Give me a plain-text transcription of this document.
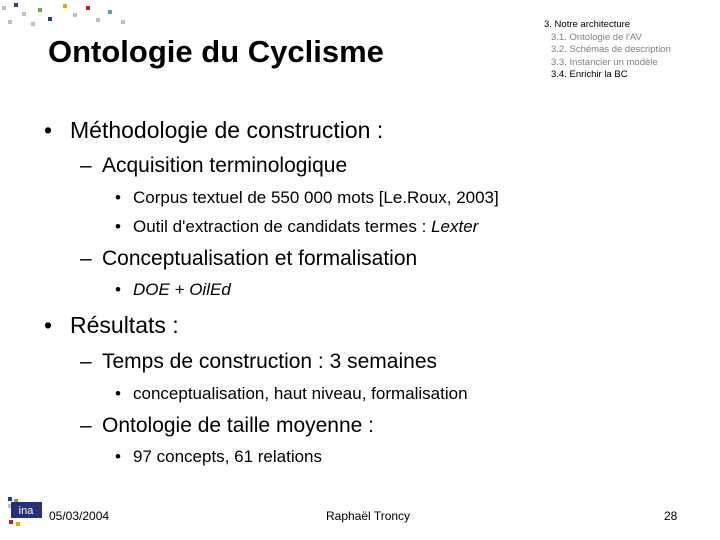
Ontologie du Cyclisme
3. Notre architecture
3.1. Ontologie de l'AV
3.2. Schémas de description
3.3. Instancier un modèle
3.4. Enrichir la BC
• Méthodologie de construction :
– Acquisition terminologique
• Corpus textuel de 550 000 mots [Le.Roux, 2003]
• Outil d'extraction de candidats termes : Lexter
– Conceptualisation et formalisation
• DOE + OilEd
• Résultats :
– Temps de construction : 3 semaines
• conceptualisation, haut niveau, formalisation
– Ontologie de taille moyenne :
• 97 concepts, 61 relations
ina 05/03/2004	Raphaël Troncy	28
